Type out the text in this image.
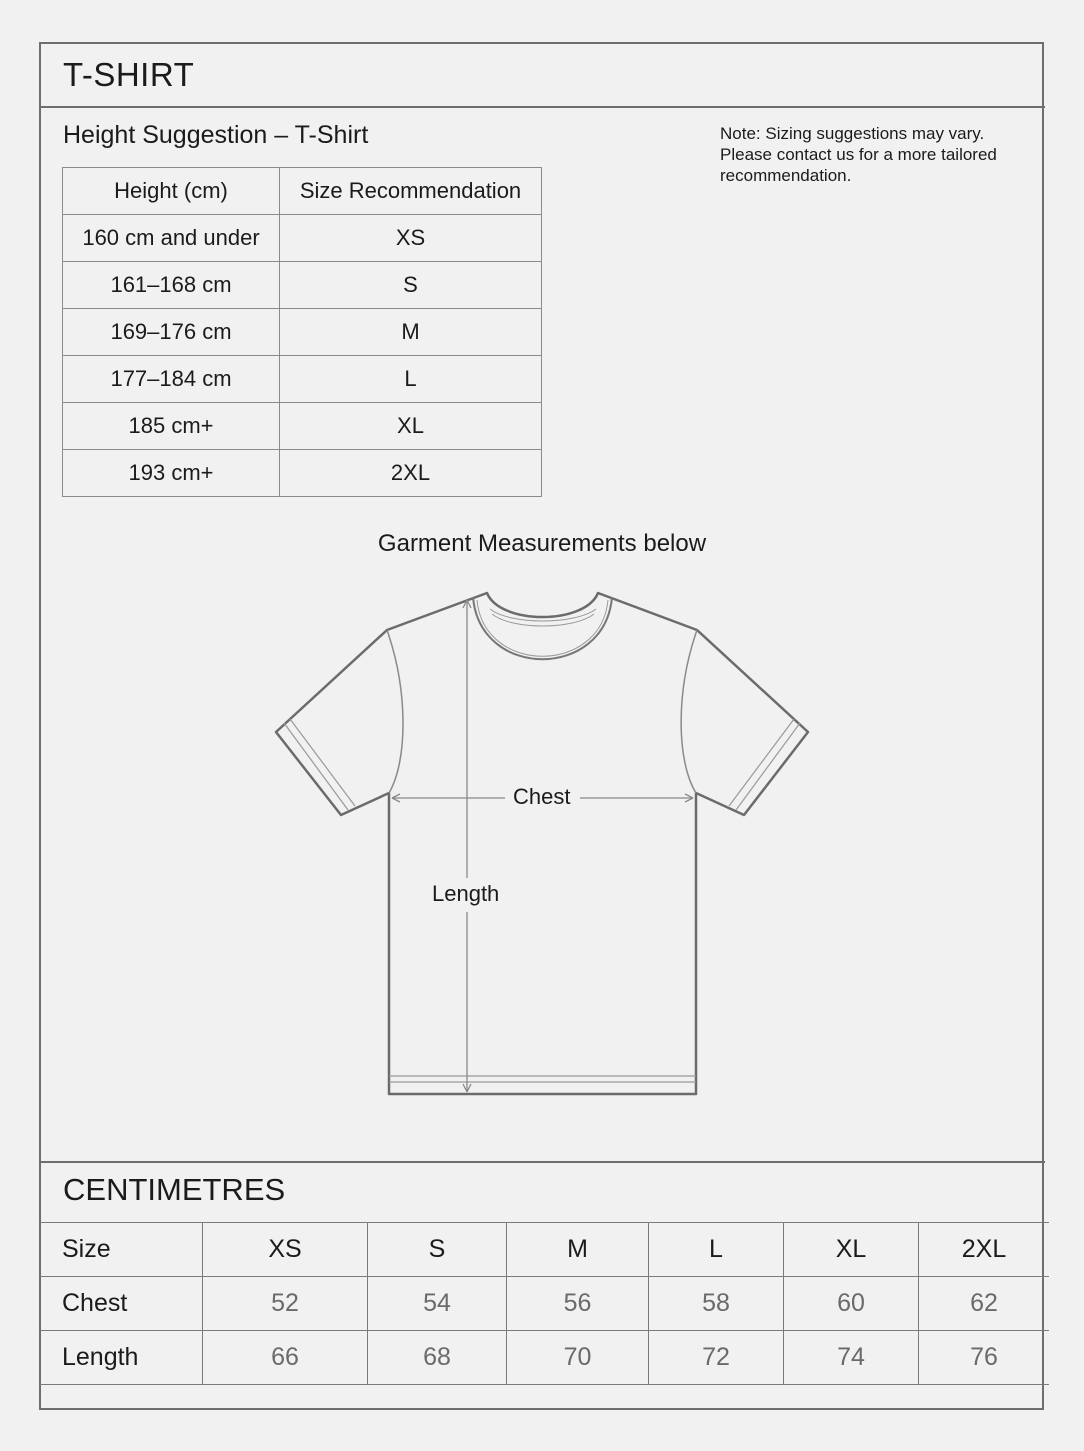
T-SHIRT
Height Suggestion – T-Shirt	Note: Sizing suggestions may vary.
Please contact us for a more tailored
recommendation.
Height (cm)	Size Recommendation
160 cm and under	XS
161–168 cm	S
169–176 cm	M
177–184 cm	L
185 cm+	XL
193 cm+	2XL
Garment Measurements below
Chest
Length
CENTIMETRES
Size	XS	S	M	L	XL	2XL
Chest	52	54	56	58	60	62
Length	66	68	70	72	74	76
